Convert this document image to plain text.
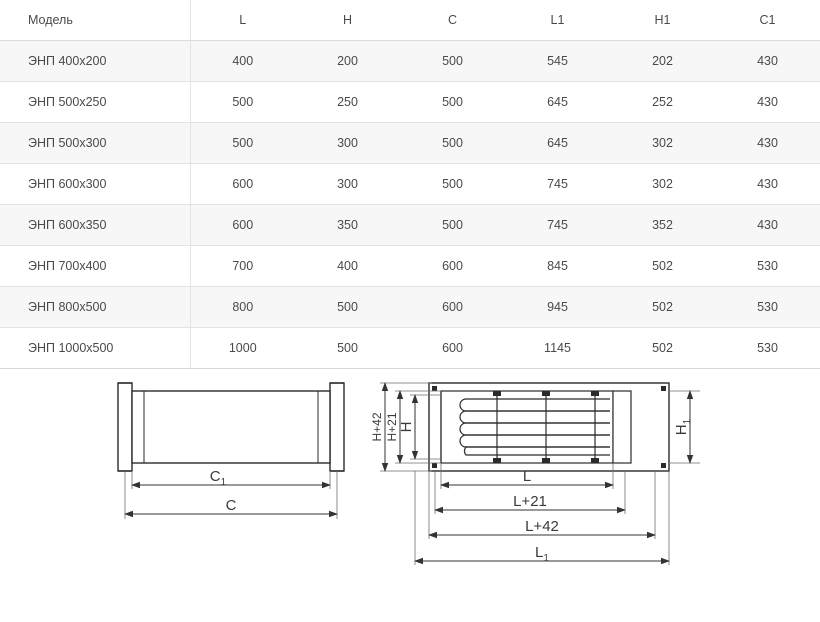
Модель	L	H	C	L1	H1	C1
ЭНП 400х200	400	200	500	545	202	430
ЭНП 500х250	500	250	500	645	252	430
ЭНП 500х300	500	300	500	645	302	430
ЭНП 600х300	600	300	500	745	302	430
ЭНП 600х350	600	350	500	745	352	430
ЭНП 700х400	700	400	600	845	502	530
ЭНП 800х500	800	500	600	945	502	530
ЭНП 1000х500	1000	500	600	1145	502	530
$C_1$
C
H+42 H+21 H	$H_1$
L
L+21
L+42
$L_1$
